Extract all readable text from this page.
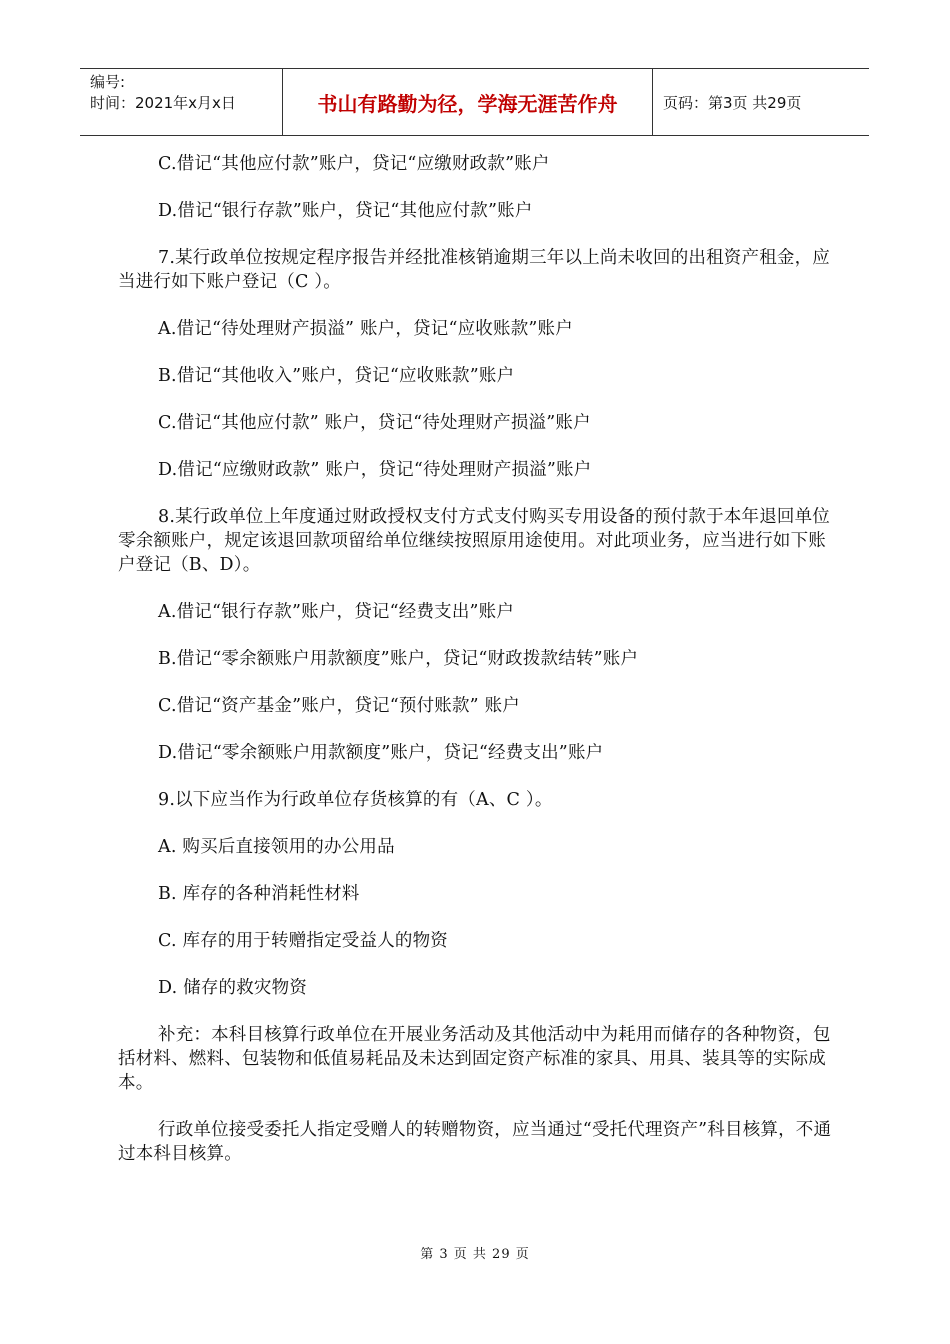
编号:
时间：2021年x月x日	书山有路勤为径，学海无涯苦作舟	页码：第3页 共29页

C.借记“其他应付款”账户，贷记“应缴财政款”账户

D.借记“银行存款”账户，贷记“其他应付款”账户

7.某行政单位按规定程序报告并经批准核销逾期三年以上尚未收回的出租资产租金，应当进行如下账户登记（C ）。

A.借记“待处理财产损溢” 账户，贷记“应收账款”账户

B.借记“其他收入”账户，贷记“应收账款”账户

C.借记“其他应付款” 账户，贷记“待处理财产损溢”账户

D.借记“应缴财政款” 账户，贷记“待处理财产损溢”账户

8.某行政单位上年度通过财政授权支付方式支付购买专用设备的预付款于本年退回单位零余额账户，规定该退回款项留给单位继续按照原用途使用。对此项业务，应当进行如下账户登记（B、D）。

A.借记“银行存款”账户，贷记“经费支出”账户

B.借记“零余额账户用款额度”账户，贷记“财政拨款结转”账户

C.借记“资产基金”账户，贷记“预付账款” 账户

D.借记“零余额账户用款额度”账户，贷记“经费支出”账户

9.以下应当作为行政单位存货核算的有（A、C ）。

A. 购买后直接领用的办公用品

B. 库存的各种消耗性材料

C. 库存的用于转赠指定受益人的物资

D. 储存的救灾物资

补充：本科目核算行政单位在开展业务活动及其他活动中为耗用而储存的各种物资，包括材料、燃料、包装物和低值易耗品及未达到固定资产标准的家具、用具、装具等的实际成本。

行政单位接受委托人指定受赠人的转赠物资，应当通过“受托代理资产”科目核算，不通过本科目核算。

第 3 页 共 29 页
